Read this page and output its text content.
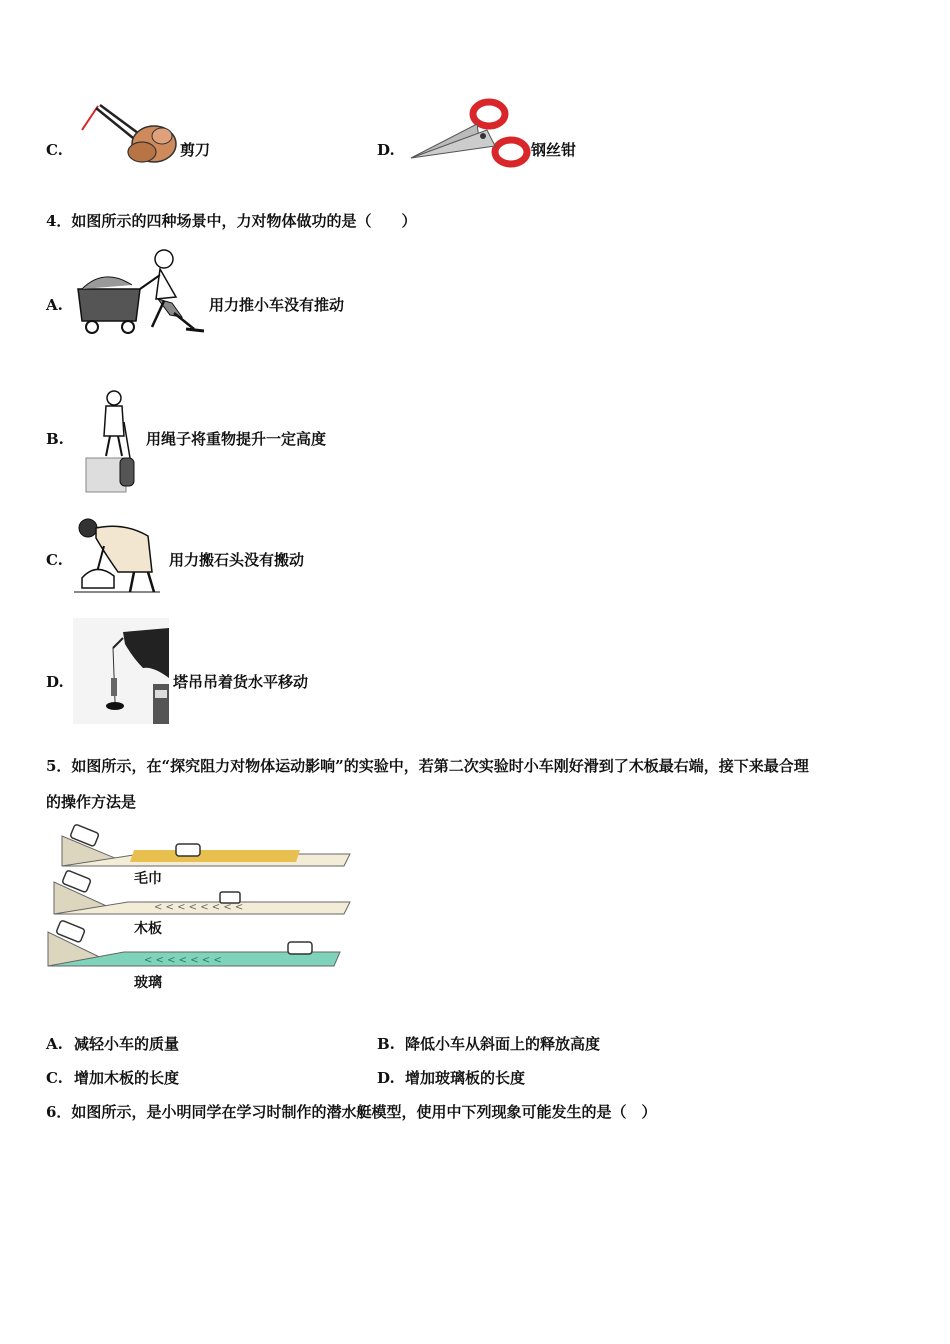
C.	剪刀	D.	钢丝钳
4．如图所示的四种场景中，力对物体做功的是（　　）
A.	用力推小车没有推动
B.	用绳子将重物提升一定高度
C.	用力搬石头没有搬动
D.	塔吊吊着货水平移动
5．如图所示，在“探究阻力对物体运动影响”的实验中，若第二次实验时小车刚好滑到了木板最右端，接下来最合理
的操作方法是
< < < < < < < <
< < < < < < <
毛巾
木板
玻璃
A. 减轻小车的质量	B. 降低小车从斜面上的释放高度
C. 增加木板的长度	D. 增加玻璃板的长度
6．如图所示，是小明同学在学习时制作的潜水艇模型，使用中下列现象可能发生的是（　）
